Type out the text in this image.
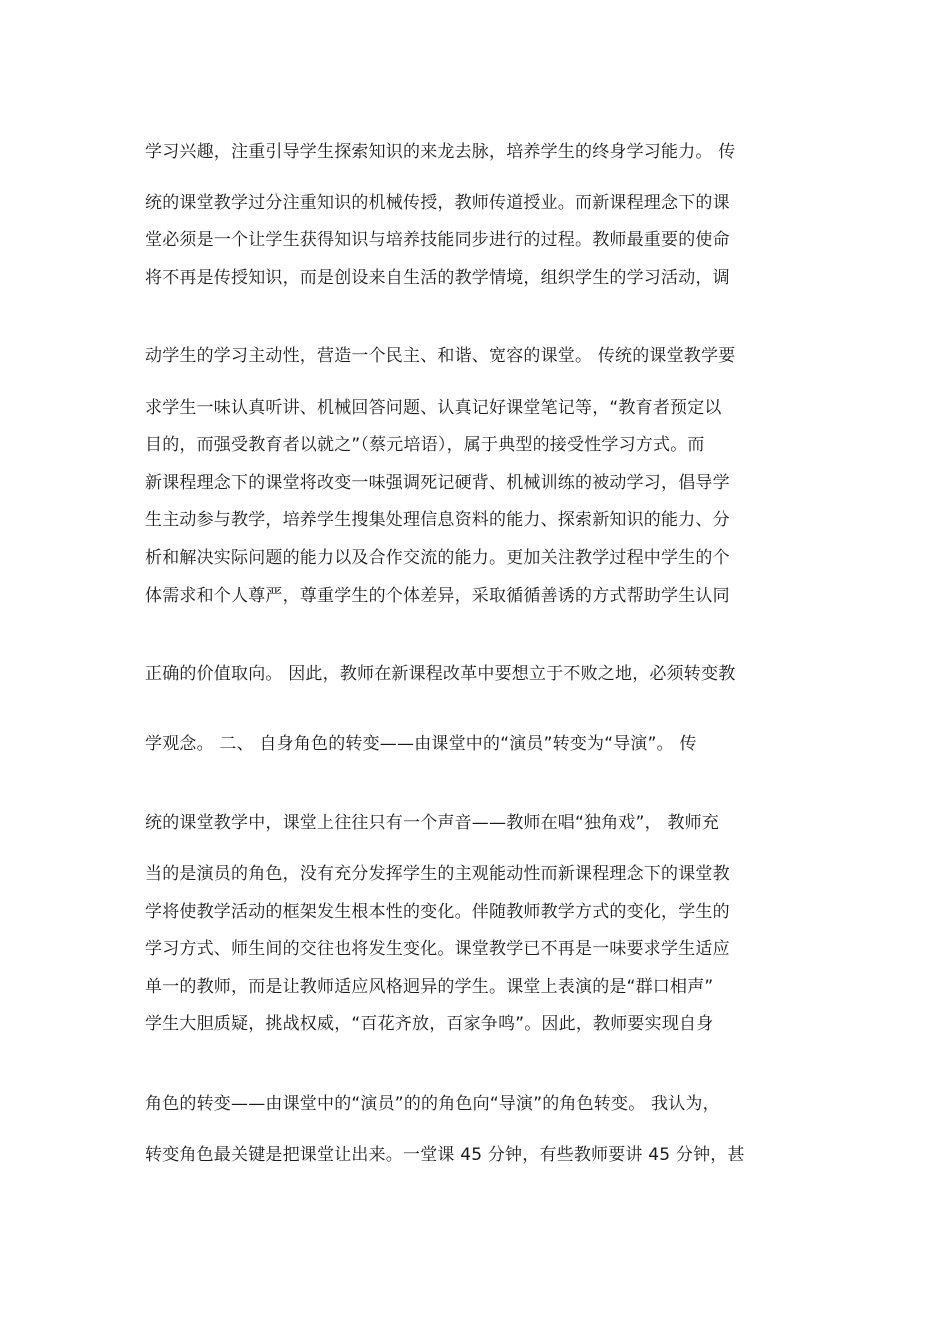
学习兴趣，注重引导学生探索知识的来龙去脉，培养学生的终身学习能力。 传
统的课堂教学过分注重知识的机械传授，教师传道授业。而新课程理念下的课
堂必须是一个让学生获得知识与培养技能同步进行的过程。教师最重要的使命
将不再是传授知识，而是创设来自生活的教学情境，组织学生的学习活动，调
动学生的学习主动性，营造一个民主、和谐、宽容的课堂。 传统的课堂教学要
求学生一味认真听讲、机械回答问题、认真记好课堂笔记等，“教育者预定以
目的，而强受教育者以就之”（蔡元培语），属于典型的接受性学习方式。而
新课程理念下的课堂将改变一味强调死记硬背、机械训练的被动学习，倡导学
生主动参与教学，培养学生搜集处理信息资料的能力、探索新知识的能力、分
析和解决实际问题的能力以及合作交流的能力。更加关注教学过程中学生的个
体需求和个人尊严，尊重学生的个体差异，采取循循善诱的方式帮助学生认同
正确的价值取向。 因此，教师在新课程改革中要想立于不败之地，必须转变教
学观念。 二、 自身角色的转变——由课堂中的“演员”转变为“导演”。 传
统的课堂教学中，课堂上往往只有一个声音——教师在唱“独角戏”， 教师充
当的是演员的角色，没有充分发挥学生的主观能动性而新课程理念下的课堂教
学将使教学活动的框架发生根本性的变化。伴随教师教学方式的变化，学生的
学习方式、师生间的交往也将发生变化。课堂教学已不再是一味要求学生适应
单一的教师，而是让教师适应风格迥异的学生。课堂上表演的是“群口相声”
学生大胆质疑，挑战权威，“百花齐放，百家争鸣”。因此，教师要实现自身
角色的转变——由课堂中的“演员”的的角色向“导演”的角色转变。 我认为，
转变角色最关键是把课堂让出来。一堂课 45 分钟，有些教师要讲 45 分钟，甚
